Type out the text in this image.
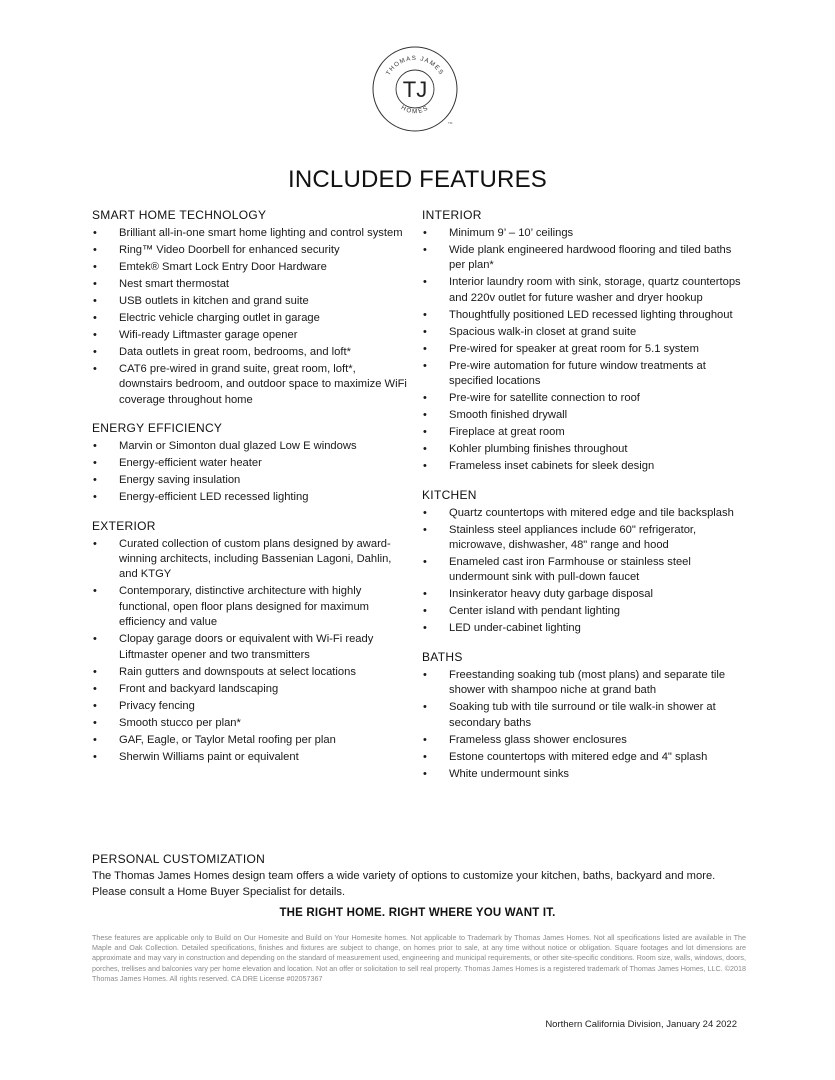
THOMAS JAMES
HOMES
TJ
TM
INCLUDED FEATURES
SMART HOME TECHNOLOGY
• Brilliant all-in-one smart home lighting and control system
• Ring™ Video Doorbell for enhanced security
• Emtek® Smart Lock Entry Door Hardware
• Nest smart thermostat
• USB outlets in kitchen and grand suite
• Electric vehicle charging outlet in garage
• Wifi-ready Liftmaster garage opener
• Data outlets in great room, bedrooms, and loft*
• CAT6 pre-wired in grand suite, great room, loft*, downstairs bedroom, and outdoor space to maximize WiFi coverage throughout home
ENERGY EFFICIENCY
• Marvin or Simonton dual glazed Low E windows
• Energy-efficient water heater
• Energy saving insulation
• Energy-efficient LED recessed lighting
EXTERIOR
• Curated collection of custom plans designed by award-winning architects, including Bassenian Lagoni, Dahlin, and KTGY
• Contemporary, distinctive architecture with highly functional, open floor plans designed for maximum efficiency and value
• Clopay garage doors or equivalent with Wi-Fi ready Liftmaster opener and two transmitters
• Rain gutters and downspouts at select locations
• Front and backyard landscaping
• Privacy fencing
• Smooth stucco per plan*
• GAF, Eagle, or Taylor Metal roofing per plan
• Sherwin Williams paint or equivalent
INTERIOR
• Minimum 9’ – 10’ ceilings
• Wide plank engineered hardwood flooring and tiled baths per plan*
• Interior laundry room with sink, storage, quartz countertops and 220v outlet for future washer and dryer hookup
• Thoughtfully positioned LED recessed lighting throughout
• Spacious walk-in closet at grand suite
• Pre-wired for speaker at great room for 5.1 system
• Pre-wire automation for future window treatments at specified locations
• Pre-wire for satellite connection to roof
• Smooth finished drywall
• Fireplace at great room
• Kohler plumbing finishes throughout
• Frameless inset cabinets for sleek design
KITCHEN
• Quartz countertops with mitered edge and tile backsplash
• Stainless steel appliances include 60" refrigerator, microwave, dishwasher, 48" range and hood
• Enameled cast iron Farmhouse or stainless steel undermount sink with pull-down faucet
• Insinkerator heavy duty garbage disposal
• Center island with pendant lighting
• LED under-cabinet lighting
BATHS
• Freestanding soaking tub (most plans) and separate tile shower with shampoo niche at grand bath
• Soaking tub with tile surround or tile walk-in shower at secondary baths
• Frameless glass shower enclosures
• Estone countertops with mitered edge and 4" splash
• White undermount sinks
PERSONAL CUSTOMIZATION

The Thomas James Homes design team offers a wide variety of options to customize your kitchen, baths, backyard and more. Please consult a Home Buyer Specialist for details.

THE RIGHT HOME. RIGHT WHERE YOU WANT IT.
These features are applicable only to Build on Our Homesite and Build on Your Homesite homes. Not applicable to Trademark by Thomas James Homes. Not all specifications listed are available in The Maple and Oak Collection. Detailed specifications, finishes and fixtures are subject to change, on homes prior to sale, at any time without notice or obligation. Square footages and lot dimensions are approximate and may vary in construction and depending on the standard of measurement used, engineering and municipal requirements, or other site-specific conditions. Room size, walls, windows, doors, porches, trellises and balconies vary per home elevation and location. Not an offer or solicitation to sell real property. Thomas James Homes is a registered trademark of Thomas James Homes, LLC. ©2018 Thomas James Homes. All rights reserved. CA DRE License #02057367
Northern California Division, January 24 2022
